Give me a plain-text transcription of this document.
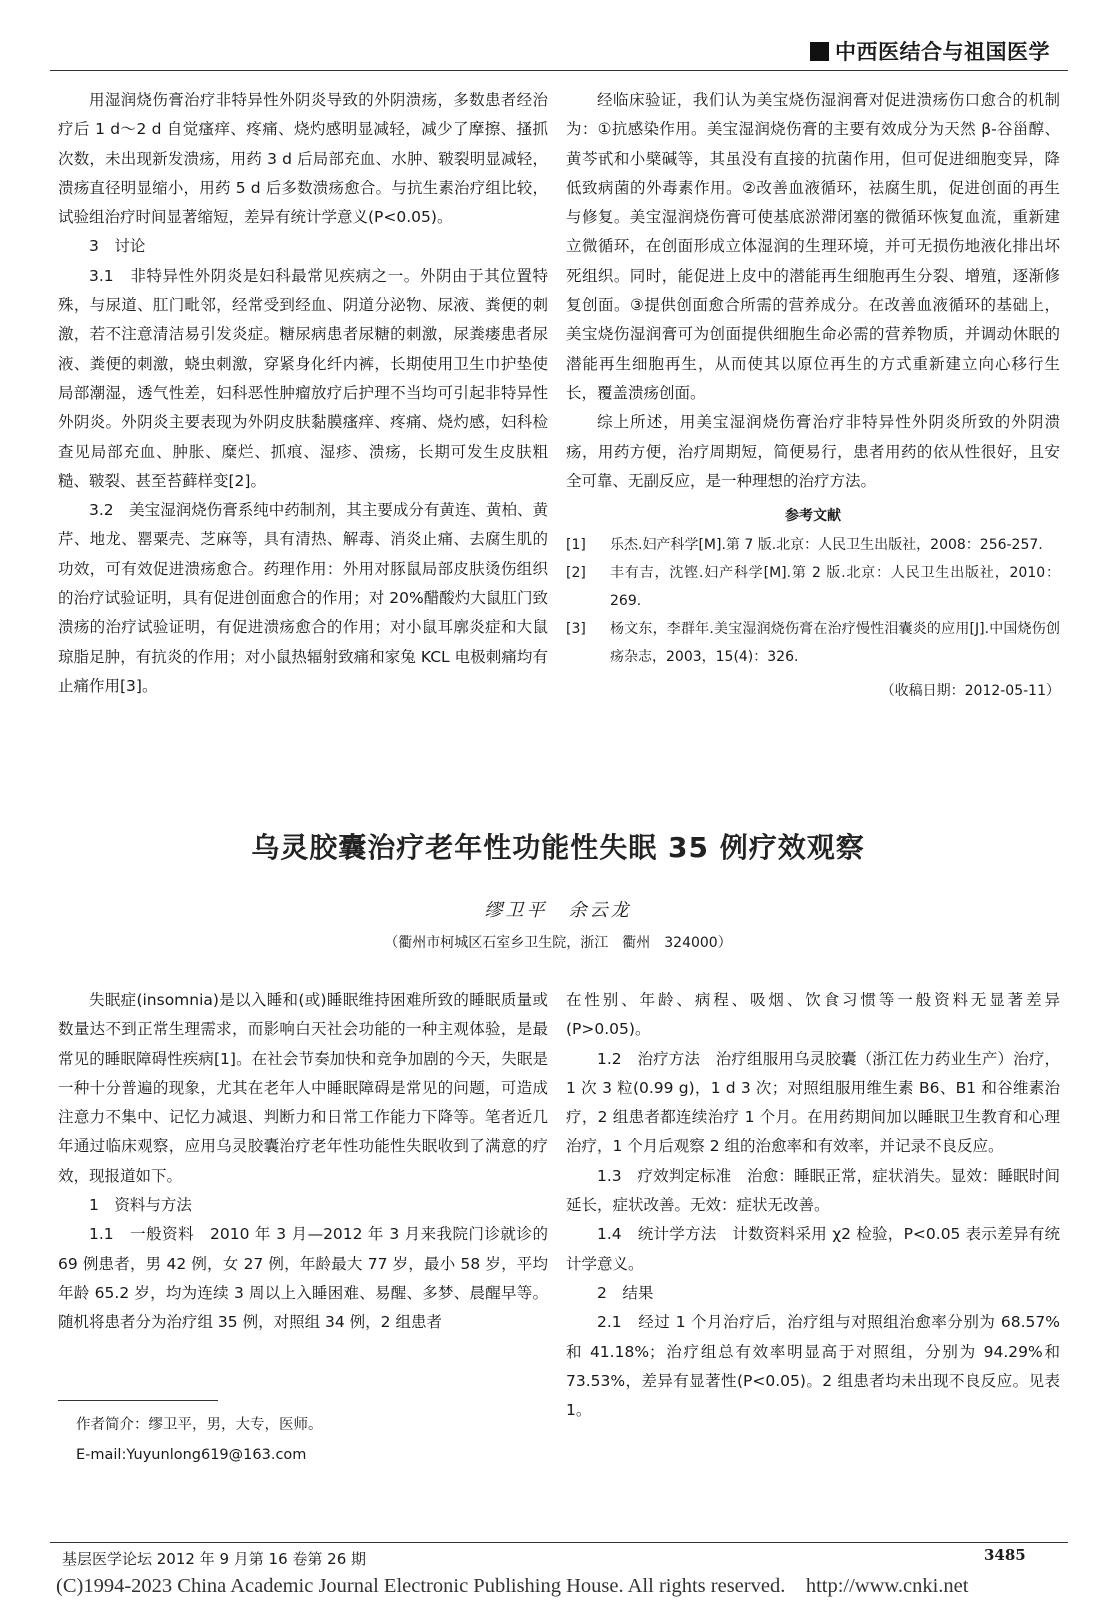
中西医结合与祖国医学

用湿润烧伤膏治疗非特异性外阴炎导致的外阴溃疡，多数患者经治疗后 1 d～2 d 自觉瘙痒、疼痛、烧灼感明显减轻，减少了摩擦、搔抓次数，未出现新发溃疡，用药 3 d 后局部充血、水肿、皲裂明显减轻，溃疡直径明显缩小，用药 5 d 后多数溃疡愈合。与抗生素治疗组比较，试验组治疗时间显著缩短，差异有统计学意义(P<0.05)。

3　讨论

3.1　非特异性外阴炎是妇科最常见疾病之一。外阴由于其位置特殊，与尿道、肛门毗邻，经常受到经血、阴道分泌物、尿液、粪便的刺激，若不注意清洁易引发炎症。糖尿病患者尿糖的刺激，尿粪瘘患者尿液、粪便的刺激，蛲虫刺激，穿紧身化纤内裤，长期使用卫生巾护垫使局部潮湿，透气性差，妇科恶性肿瘤放疗后护理不当均可引起非特异性外阴炎。外阴炎主要表现为外阴皮肤黏膜瘙痒、疼痛、烧灼感，妇科检查见局部充血、肿胀、糜烂、抓痕、湿疹、溃疡，长期可发生皮肤粗糙、皲裂、甚至苔藓样变[2]。

3.2　美宝湿润烧伤膏系纯中药制剂，其主要成分有黄连、黄柏、黄芹、地龙、罂粟壳、芝麻等，具有清热、解毒、消炎止痛、去腐生肌的功效，可有效促进溃疡愈合。药理作用：外用对豚鼠局部皮肤烫伤组织的治疗试验证明，具有促进创面愈合的作用；对 20%醋酸灼大鼠肛门致溃疡的治疗试验证明，有促进溃疡愈合的作用；对小鼠耳廓炎症和大鼠琼脂足肿，有抗炎的作用；对小鼠热辐射致痛和家兔 KCL 电极刺痛均有止痛作用[3]。

经临床验证，我们认为美宝烧伤湿润膏对促进溃疡伤口愈合的机制为：①抗感染作用。美宝湿润烧伤膏的主要有效成分为天然 β-谷甾醇、黄芩甙和小檗碱等，其虽没有直接的抗菌作用，但可促进细胞变异，降低致病菌的外毒素作用。②改善血液循环，祛腐生肌，促进创面的再生与修复。美宝湿润烧伤膏可使基底淤滞闭塞的微循环恢复血流，重新建立微循环，在创面形成立体湿润的生理环境，并可无损伤地液化排出坏死组织。同时，能促进上皮中的潜能再生细胞再生分裂、增殖，逐渐修复创面。③提供创面愈合所需的营养成分。在改善血液循环的基础上，美宝烧伤湿润膏可为创面提供细胞生命必需的营养物质，并调动休眠的潜能再生细胞再生，从而使其以原位再生的方式重新建立向心移行生长，覆盖溃疡创面。

综上所述，用美宝湿润烧伤膏治疗非特异性外阴炎所致的外阴溃疡，用药方便，治疗周期短，简便易行，患者用药的依从性很好，且安全可靠、无副反应，是一种理想的治疗方法。

参考文献
[1]	乐杰.妇产科学[M].第 7 版.北京：人民卫生出版社，2008：256-257.
[2]	丰有吉，沈铿.妇产科学[M].第 2 版.北京：人民卫生出版社，2010：269.
[3]	杨文东，李群年.美宝湿润烧伤膏在治疗慢性泪囊炎的应用[J].中国烧伤创疡杂志，2003，15(4)：326.
（收稿日期：2012-05-11）
乌灵胶囊治疗老年性功能性失眠 35 例疗效观察
缪卫平　余云龙
（衢州市柯城区石室乡卫生院，浙江　衢州　324000）

失眠症(insomnia)是以入睡和(或)睡眠维持困难所致的睡眠质量或数量达不到正常生理需求，而影响白天社会功能的一种主观体验，是最常见的睡眠障碍性疾病[1]。在社会节奏加快和竞争加剧的今天，失眠是一种十分普遍的现象，尤其在老年人中睡眠障碍是常见的问题，可造成注意力不集中、记忆力减退、判断力和日常工作能力下降等。笔者近几年通过临床观察，应用乌灵胶囊治疗老年性功能性失眠收到了满意的疗效，现报道如下。

1　资料与方法

1.1　一般资料　2010 年 3 月—2012 年 3 月来我院门诊就诊的 69 例患者，男 42 例，女 27 例，年龄最大 77 岁，最小 58 岁，平均年龄 65.2 岁，均为连续 3 周以上入睡困难、易醒、多梦、晨醒早等。随机将患者分为治疗组 35 例，对照组 34 例，2 组患者

作者简介：缪卫平，男，大专，医师。
E-mail:Yuyunlong619@163.com

在性别、年龄、病程、吸烟、饮食习惯等一般资料无显著差异(P>0.05)。

1.2　治疗方法　治疗组服用乌灵胶囊（浙江佐力药业生产）治疗，1 次 3 粒(0.99 g)，1 d 3 次；对照组服用维生素 B6、B1 和谷维素治疗，2 组患者都连续治疗 1 个月。在用药期间加以睡眠卫生教育和心理治疗，1 个月后观察 2 组的治愈率和有效率，并记录不良反应。

1.3　疗效判定标准　治愈：睡眠正常，症状消失。显效：睡眠时间延长，症状改善。无效：症状无改善。

1.4　统计学方法　计数资料采用 χ2 检验，P<0.05 表示差异有统计学意义。

2　结果

2.1　经过 1 个月治疗后，治疗组与对照组治愈率分别为 68.57%和 41.18%；治疗组总有效率明显高于对照组，分别为 94.29%和 73.53%，差异有显著性(P<0.05)。2 组患者均未出现不良反应。见表 1。

基层医学论坛 2012 年 9 月第 16 卷第 26 期	3485
(C)1994-2023 China Academic Journal Electronic Publishing House. All rights reserved.　http://www.cnki.net
